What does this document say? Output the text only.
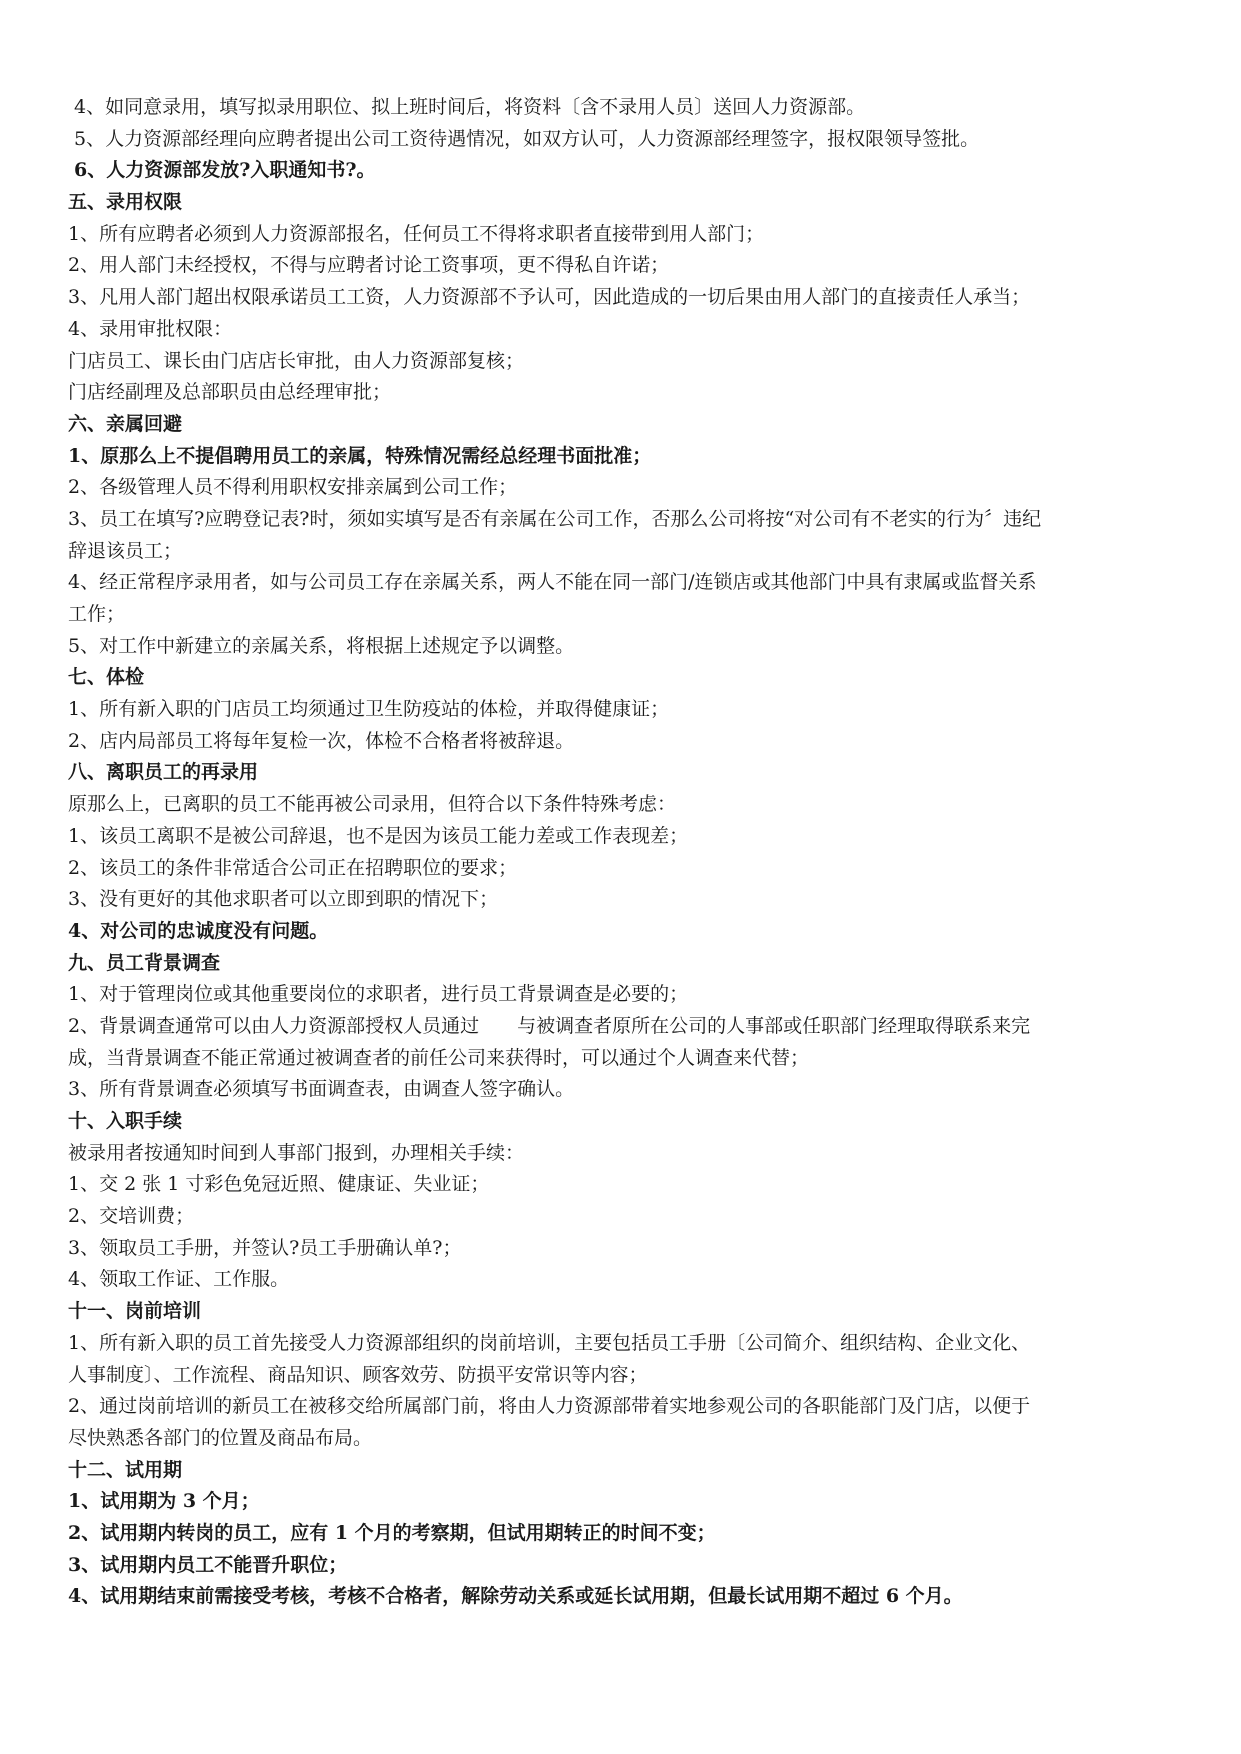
4、如同意录用，填写拟录用职位、拟上班时间后，将资料〔含不录用人员〕送回人力资源部。
5、人力资源部经理向应聘者提出公司工资待遇情况，如双方认可，人力资源部经理签字，报权限领导签批。
6、人力资源部发放?入职通知书?。
五、录用权限
1、所有应聘者必须到人力资源部报名，任何员工不得将求职者直接带到用人部门；
2、用人部门未经授权，不得与应聘者讨论工资事项，更不得私自许诺；
3、凡用人部门超出权限承诺员工工资，人力资源部不予认可，因此造成的一切后果由用人部门的直接责任人承当；
4、录用审批权限：
门店员工、课长由门店店长审批，由人力资源部复核；
门店经副理及总部职员由总经理审批；
六、亲属回避
1、原那么上不提倡聘用员工的亲属，特殊情况需经总经理书面批准；
2、各级管理人员不得利用职权安排亲属到公司工作；
3、员工在填写?应聘登记表?时，须如实填写是否有亲属在公司工作，否那么公司将按“对公司有不老实的行为〞违纪
辞退该员工；
4、经正常程序录用者，如与公司员工存在亲属关系，两人不能在同一部门/连锁店或其他部门中具有隶属或监督关系
工作；
5、对工作中新建立的亲属关系，将根据上述规定予以调整。
七、体检
1、所有新入职的门店员工均须通过卫生防疫站的体检，并取得健康证；
2、店内局部员工将每年复检一次，体检不合格者将被辞退。
八、离职员工的再录用
原那么上，已离职的员工不能再被公司录用，但符合以下条件特殊考虑：
1、该员工离职不是被公司辞退，也不是因为该员工能力差或工作表现差；
2、该员工的条件非常适合公司正在招聘职位的要求；
3、没有更好的其他求职者可以立即到职的情况下；
4、对公司的忠诚度没有问题。
九、员工背景调查
1、对于管理岗位或其他重要岗位的求职者，进行员工背景调查是必要的；
2、背景调查通常可以由人力资源部授权人员通过　　与被调查者原所在公司的人事部或任职部门经理取得联系来完
成，当背景调查不能正常通过被调查者的前任公司来获得时，可以通过个人调查来代替；
3、所有背景调查必须填写书面调查表，由调查人签字确认。
十、入职手续
被录用者按通知时间到人事部门报到，办理相关手续：
1、交 2 张 1 寸彩色免冠近照、健康证、失业证；
2、交培训费；
3、领取员工手册，并签认?员工手册确认单?；
4、领取工作证、工作服。
十一、岗前培训
1、所有新入职的员工首先接受人力资源部组织的岗前培训，主要包括员工手册〔公司简介、组织结构、企业文化、
人事制度〕、工作流程、商品知识、顾客效劳、防损平安常识等内容；
2、通过岗前培训的新员工在被移交给所属部门前，将由人力资源部带着实地参观公司的各职能部门及门店，以便于
尽快熟悉各部门的位置及商品布局。
十二、试用期
1、试用期为 3 个月；
2、试用期内转岗的员工，应有 1 个月的考察期，但试用期转正的时间不变；
3、试用期内员工不能晋升职位；
4、试用期结束前需接受考核，考核不合格者，解除劳动关系或延长试用期，但最长试用期不超过 6 个月。
